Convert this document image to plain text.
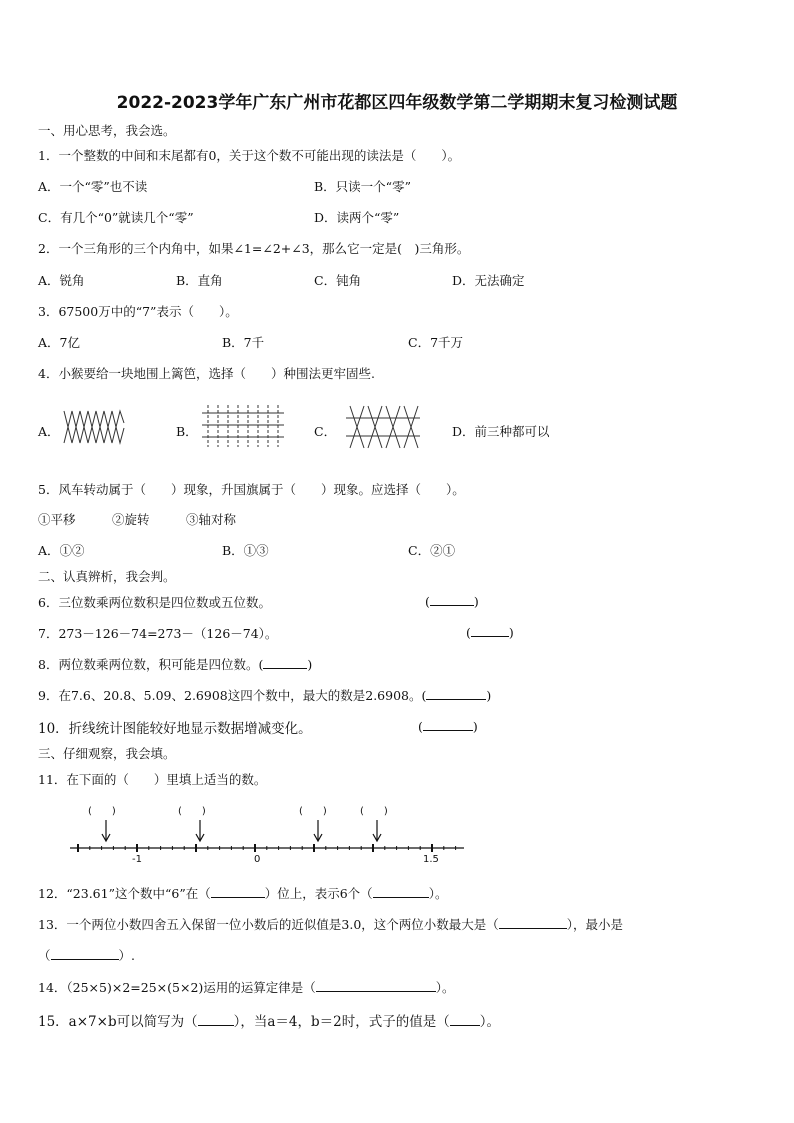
2022-2023学年广东广州市花都区四年级数学第二学期期末复习检测试题
一、用心思考，我会选。
1．一个整数的中间和末尾都有0，关于这个数不可能出现的读法是（　　）。
A．一个“零”也不读	B．只读一个“零”
C．有几个“0”就读几个“零”	D．读两个“零”
2．一个三角形的三个内角中，如果∠1=∠2+∠3，那么它一定是(　)三角形。
A．锐角	B．直角	C．钝角	D．无法确定
3．67500万中的“7”表示（　　）。
A．7亿	B．7千	C．7千万
4．小猴要给一块地围上篱笆，选择（　　）种围法更牢固些.
A．	B．	C．	D．前三种都可以
5．风车转动属于（　　）现象，升国旗属于（　　）现象。应选择（　　）。
①平移	②旋转	③轴对称
A．①②	B．①③	C．②①
二、认真辨析，我会判。
6．三位数乘两位数积是四位数或五位数。	(	)
7．273－126－74=273－（126－74）。	(	)
8．两位数乘两位数，积可能是四位数。(	)
9．在7.6、20.8、5.09、2.6908这四个数中，最大的数是2.6908。(	)
10．折线统计图能较好地显示数据增减变化。	(	)
三、仔细观察，我会填。
11．在下面的（　　）里填上适当的数。
(　　)	(　　)	(　　)	(　　)
-1	0	1.5
12．“23.61”这个数中“6”在（	）位上，表示6个（	）。
13．一个两位小数四舍五入保留一位小数后的近似值是3.0，这个两位小数最大是（	），最小是
（	）.
14．（25×5)×2=25×(5×2)运用的运算定律是（	）。
15．a×7×b可以简写为（	），当a＝4，b＝2时，式子的值是（ ）。
